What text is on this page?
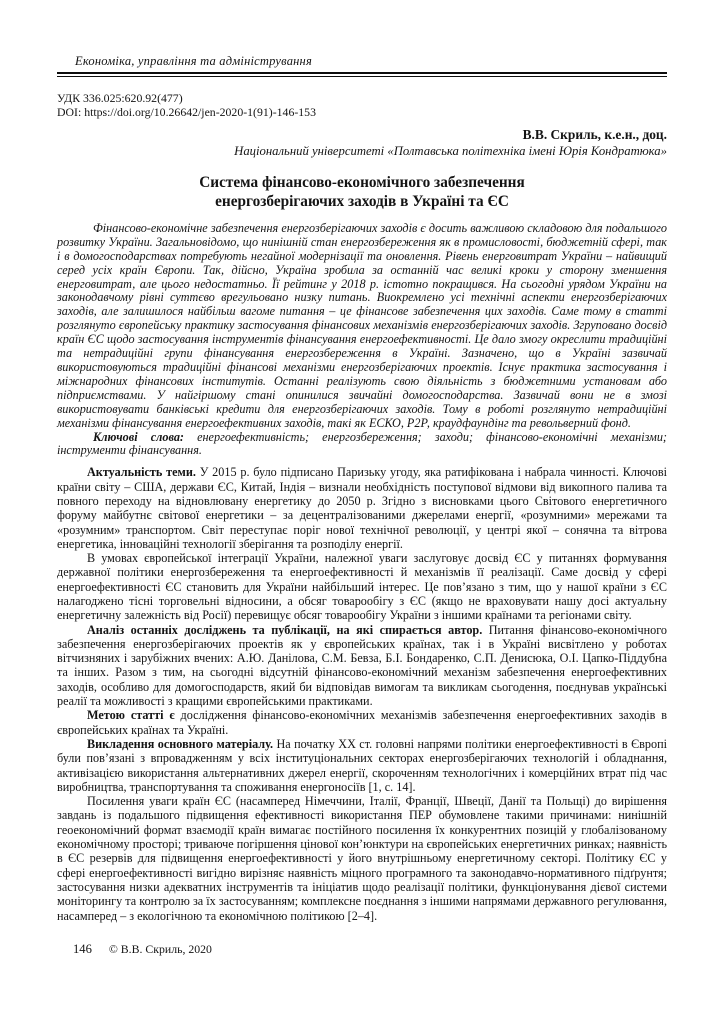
Економіка, управління та адміністрування
УДК 336.025:620.92(477)
DOI: https://doi.org/10.26642/jen-2020-1(91)-146-153
В.В. Скриль, к.е.н., доц.
Національний університеті «Полтавська політехніка імені Юрія Кондратюка»
Система фінансово-економічного забезпечення
енергозберігаючих заходів в Україні та ЄС

Фінансово-економічне забезпечення енергозберігаючих заходів є досить важливою складовою для подальшого розвитку України. Загальновідомо, що нинішній стан енергозбереження як в промисловості, бюджетній сфері, так і в домогосподарствах потребують негайної модернізації та оновлення. Рівень енерговитрат України – найвищий серед усіх країн Європи. Так, дійсно, Україна зробила за останній час великі кроки у сторону зменшення енерговитрат, але цього недостатньо. Її рейтинг у 2018 р. істотно покращився. На сьогодні урядом України на законодавчому рівні суттєво врегульовано низку питань. Виокремлено усі технічні аспекти енергозберігаючих заходів, але залишилося найбільш вагоме питання – це фінансове забезпечення цих заходів. Саме тому в статті розглянуто європейську практику застосування фінансових механізмів енергозберігаючих заходів. Згруповано досвід країн ЄС щодо застосування інструментів фінансування енергоефективності. Це дало змогу окреслити традиційні та нетрадиційні групи фінансування енергозбереження в Україні. Зазначено, що в Україні зазвичай використовуються традиційні фінансові механізми енергозберігаючих проектів. Існує практика застосування і міжнародних фінансових інститутів. Останні реалізують свою діяльність з бюджетними установам або підприємствами. У найгіршому стані опинилися звичайні домогосподарства. Зазвичай вони не в змозі використовувати банківські кредити для енергозберігаючих заходів. Тому в роботі розглянуто нетрадиційні механізми фінансування енергоефективних заходів, такі як ЕСКО, Р2Р, краудфаундінг та револьверний фонд.

Ключові слова: енергоефективність; енергозбереження; заходи; фінансово-економічні механізми; інструменти фінансування.

Актуальність теми. У 2015 р. було підписано Паризьку угоду, яка ратифікована і набрала чинності. Ключові країни світу – США, держави ЄС, Китай, Індія – визнали необхідність поступової відмови від викопного палива та повного переходу на відновлювану енергетику до 2050 р. Згідно з висновками цього Світового енергетичного форуму майбутнє світової енергетики – за децентралізованими джерелами енергії, «розумними» мережами та «розумним» транспортом. Світ переступає поріг нової технічної революції, у центрі якої – сонячна та вітрова енергетика, інноваційні технології зберігання та розподілу енергії.

В умовах європейської інтеграції України, належної уваги заслуговує досвід ЄС у питаннях формування державної політики енергозбереження та енергоефективності й механізмів її реалізації. Саме досвід у сфері енергоефективності ЄС становить для України найбільший інтерес. Це пов’язано з тим, що у нашої країни з ЄС налагоджено тісні торговельні відносини, а обсяг товарообігу з ЄС (якщо не враховувати нашу досі актуальну енергетичну залежність від Росії) перевищує обсяг товарообігу України з іншими країнами та регіонами світу.

Аналіз останніх досліджень та публікації, на які спирається автор. Питання фінансово-економічного забезпечення енергозберігаючих проектів як у європейських країнах, так і в Україні висвітлено у роботах вітчизняних і зарубіжних вчених: А.Ю. Данілова, С.М. Бевза, Б.І. Бондаренко, С.П. Денисюка, О.І. Цапко-Піддубна та інших. Разом з тим, на сьогодні відсутній фінансово-економічний механізм забезпечення енергоефективних заходів, особливо для домогосподарств, який би відповідав вимогам та викликам сьогодення, поєднував українські реалії та можливості з кращими європейськими практиками.

Метою статті є дослідження фінансово-економічних механізмів забезпечення енергоефективних заходів в європейських країнах та Україні.

Викладення основного матеріалу. На початку ХХ ст. головні напрями політики енергоефективності в Європі були пов’язані з впровадженням у всіх інституціональних секторах енергозберігаючих технологій і обладнання, активізацією використання альтернативних джерел енергії, скороченням технологічних і комерційних втрат під час виробництва, транспортування та споживання енергоносіїв [1, с. 14].

Посилення уваги країн ЄС (насамперед Німеччини, Італії, Франції, Швеції, Данії та Польщі) до вирішення завдань із подальшого підвищення ефективності використання ПЕР обумовлене такими причинами: нинішній геоекономічний формат взаємодії країн вимагає постійного посилення їх конкурентних позицій у глобалізованому економічному просторі; триваюче погіршення цінової кон’юнктури на європейських енергетичних ринках; наявність в ЄС резервів для підвищення енергоефективності у його внутрішньому енергетичному секторі. Політику ЄС у сфері енергоефективності вигідно вирізняє наявність міцного програмного та законодавчо-нормативного підґрунтя; застосування низки адекватних інструментів та ініціатив щодо реалізації політики, функціонування дієвої системи моніторингу та контролю за їх застосуванням; комплексне поєднання з іншими напрямами державного регулювання, насамперед – з екологічною та економічною політикою [2–4].

146 © В.В. Скриль, 2020
